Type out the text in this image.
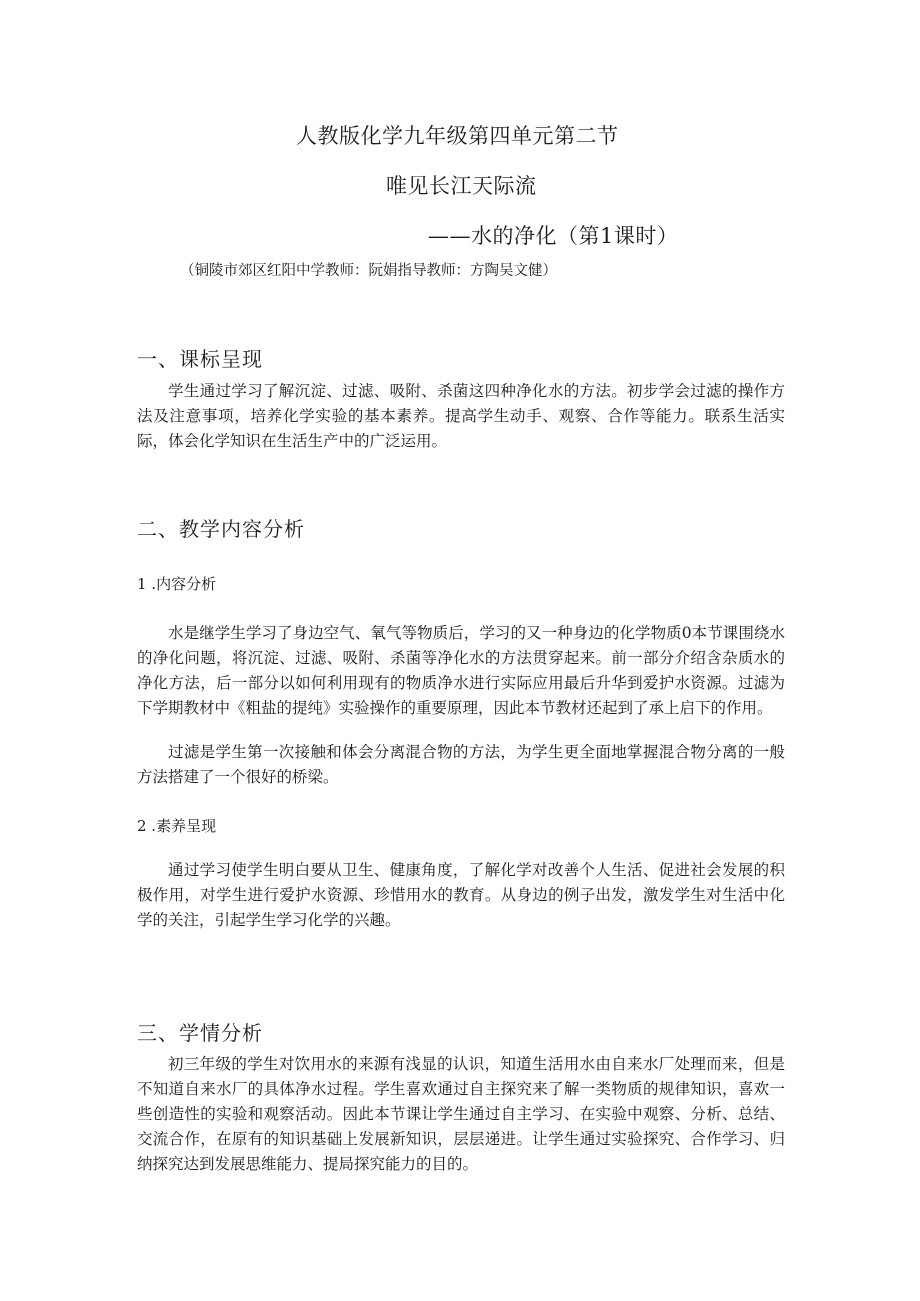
人教版化学九年级第四单元第二节
唯见长江天际流
——水的净化（第1课时）
（铜陵市郊区红阳中学教师：阮娟指导教师：方陶吴文健）
一、课标呈现

学生通过学习了解沉淀、过滤、吸附、杀菌这四种净化水的方法。初步学会过滤的操作方法及注意事项，培养化学实验的基本素养。提高学生动手、观察、合作等能力。联系生活实际，体会化学知识在生活生产中的广泛运用。

二、教学内容分析
1 .内容分析

水是继学生学习了身边空气、氧气等物质后，学习的又一种身边的化学物质0本节课围绕水的净化问题，将沉淀、过滤、吸附、杀菌等净化水的方法贯穿起来。前一部分介绍含杂质水的净化方法，后一部分以如何利用现有的物质净水进行实际应用最后升华到爱护水资源。过滤为下学期教材中《粗盐的提纯》实验操作的重要原理，因此本节教材还起到了承上启下的作用。

过滤是学生第一次接触和体会分离混合物的方法，为学生更全面地掌握混合物分离的一般方法搭建了一个很好的桥梁。

2 .素养呈现

通过学习使学生明白要从卫生、健康角度，了解化学对改善个人生活、促进社会发展的积极作用，对学生进行爱护水资源、珍惜用水的教育。从身边的例子出发，激发学生对生活中化学的关注，引起学生学习化学的兴趣。

三、学情分析

初三年级的学生对饮用水的来源有浅显的认识，知道生活用水由自来水厂处理而来，但是不知道自来水厂的具体净水过程。学生喜欢通过自主探究来了解一类物质的规律知识，喜欢一些创造性的实验和观察活动。因此本节课让学生通过自主学习、在实验中观察、分析、总结、交流合作，在原有的知识基础上发展新知识，层层递进。让学生通过实验探究、合作学习、归纳探究达到发展思维能力、提局探究能力的目的。
